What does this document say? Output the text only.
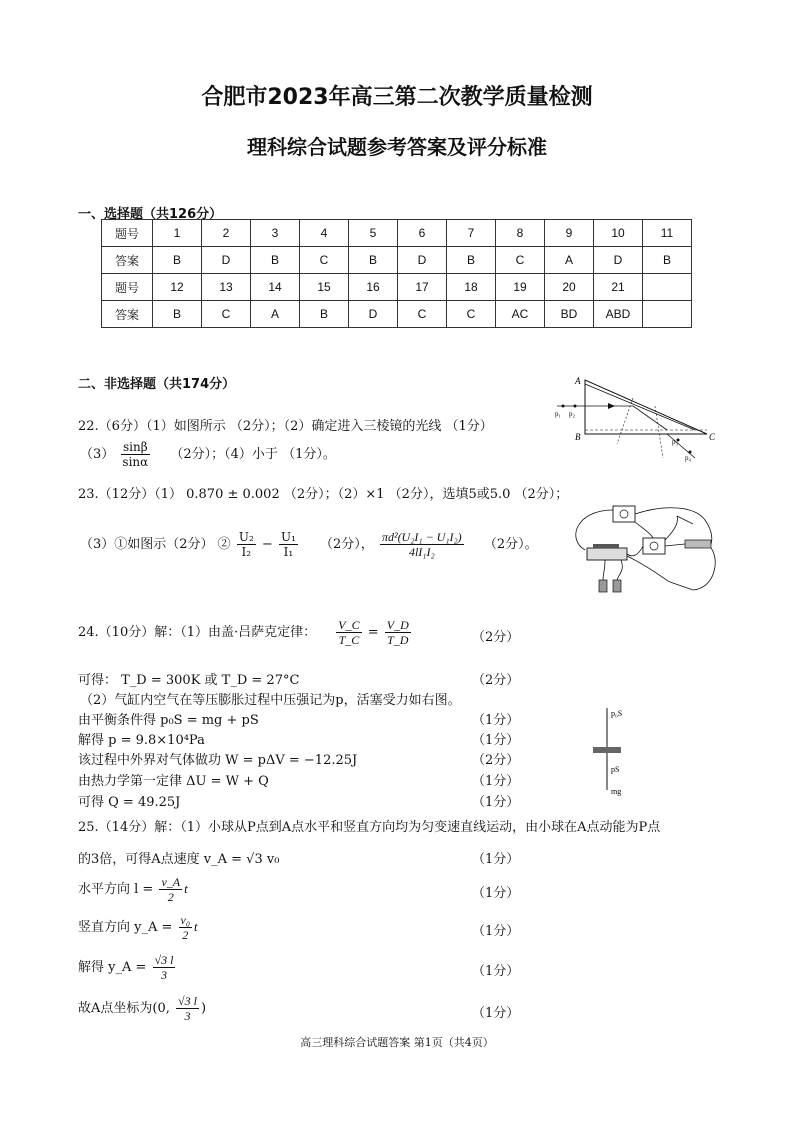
合肥市2023年高三第二次教学质量检测
理科综合试题参考答案及评分标准
一、选择题（共126分）
题号	1	2	3	4	5	6	7	8	9	10	11
答案	B	D	B	C	B	D	B	C	A	D	B
题号	12	13	14	15	16	17	18	19	20	21	
答案	B	C	A	B	D	C	C	AC	BD	ABD	
二、非选择题（共174分）	A
B	C
p₁ p₂
p₃
p₄
22.（6分）（1）如图所示 （2分）；（2）确定进入三棱镜的光线 （1分）
$(3) \frac{\sin\beta}{\sin\alpha} (2$分）；（4）小于 （1分）。
23.（12分）（1） 0.870 ± 0.002 （2分）；（2）×1 （2分），选填5或5.0 （2分）；
（3）①如图示（2分） ② $\frac{\text{U₂}}{\text{I₂}} - \frac{\text{U₁}}{\text{I₁}} (2$分）， $\frac{\text{πd²(U₂I₁ − U₁I₂)}}{\text{4lI₁I₂}} (2$分）。
24.（10分）解：（1）由盖·吕萨克定律： $\frac{V\_C}{T\_C} = \frac{V\_D}{T\_D}$	（2分）
可得： T_D = 300K 或 T_D = 27°C	（2分）
（2）气缸内空气在等压膨胀过程中压强记为p，活塞受力如右图。
由平衡条件得 p₀S = mg + pS	（1分）
解得 p = 9.8×10⁴Pa	（1分）
该过程中外界对气体做功 W = pΔV = −12.25J	（2分）
由热力学第一定律 ΔU = W + Q	（1分）
可得 Q = 49.25J	（1分）
p₀S
pS
mg
25.（14分）解：（1）小球从P点到A点水平和竖直方向均为匀变速直线运动，由小球在A点动能为P点
的3倍，可得A点速度 v_A = √3 v₀	（1分）
水平方向 $l = \frac{v\_A}{2}$ t	（1分）
竖直方向 y_A = $\frac{\text{v₀}}{2}$ t	（1分）
解得 y_A = $\frac{√3 l}{3}$	（1分）
故A点坐标为(0, $\frac{√3 l}{3}$ )	（1分）
高三理科综合试题答案 第1页（共4页）
